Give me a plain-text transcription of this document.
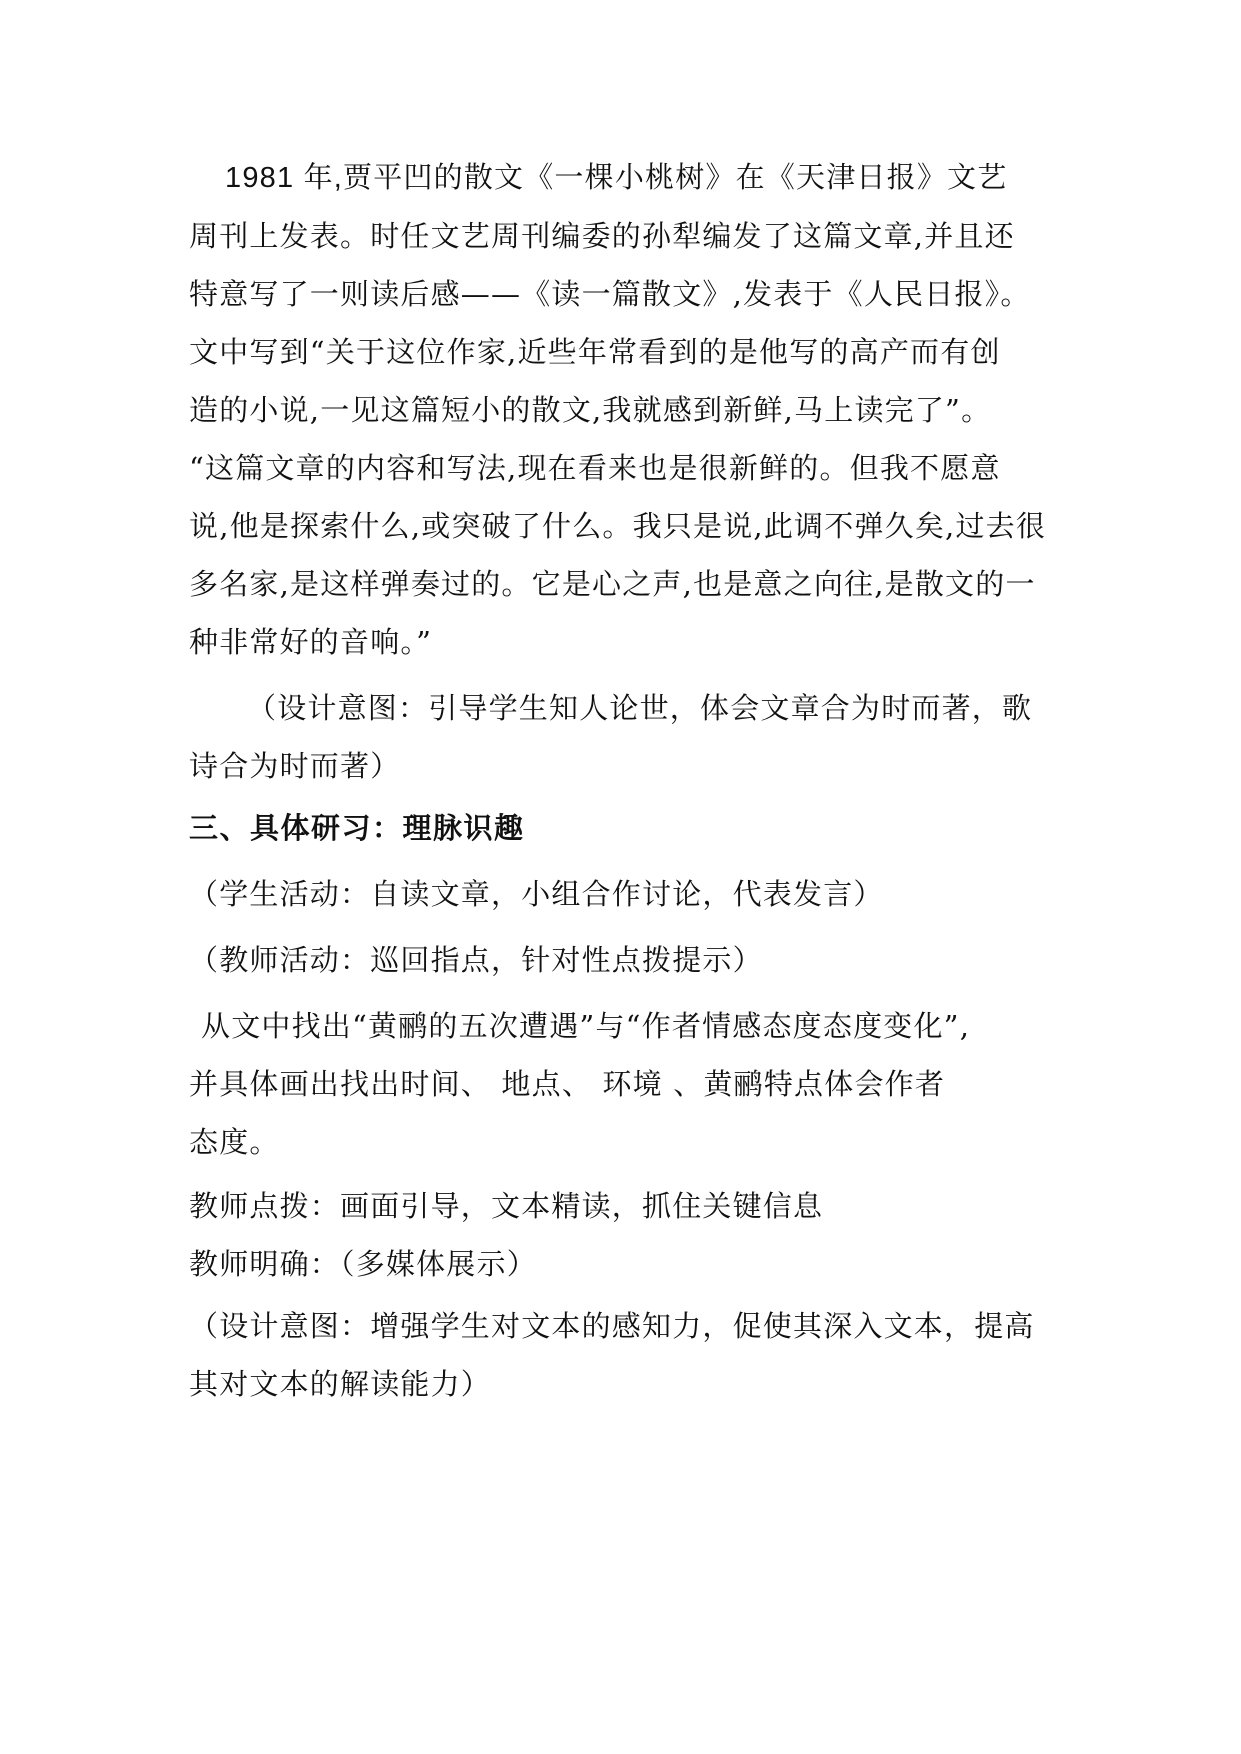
1981 年,贾平凹的散文《一棵小桃树》在《天津日报》文艺
周刊上发表。时任文艺周刊编委的孙犁编发了这篇文章,并且还
特意写了一则读后感——《读一篇散文》,发表于《人民日报》。
文中写到“关于这位作家,近些年常看到的是他写的高产而有创
造的小说,一见这篇短小的散文,我就感到新鲜,马上读完了”。
“这篇文章的内容和写法,现在看来也是很新鲜的。但我不愿意
说,他是探索什么,或突破了什么。我只是说,此调不弹久矣,过去很
多名家,是这样弹奏过的。它是心之声,也是意之向往,是散文的一
种非常好的音响。”
（设计意图：引导学生知人论世，体会文章合为时而著，歌
诗合为时而著）
三、具体研习：理脉识趣
（学生活动：自读文章，小组合作讨论，代表发言）
（教师活动：巡回指点，针对性点拨提示）
从文中找出“黄鹂的五次遭遇”与“作者情感态度态度变化”,
并具体画出找出时间、 地点、 环境 、黄鹂特点体会作者
态度。
教师点拨：画面引导，文本精读，抓住关键信息
教师明确：（多媒体展示）
（设计意图：增强学生对文本的感知力，促使其深入文本，提高
其对文本的解读能力）
